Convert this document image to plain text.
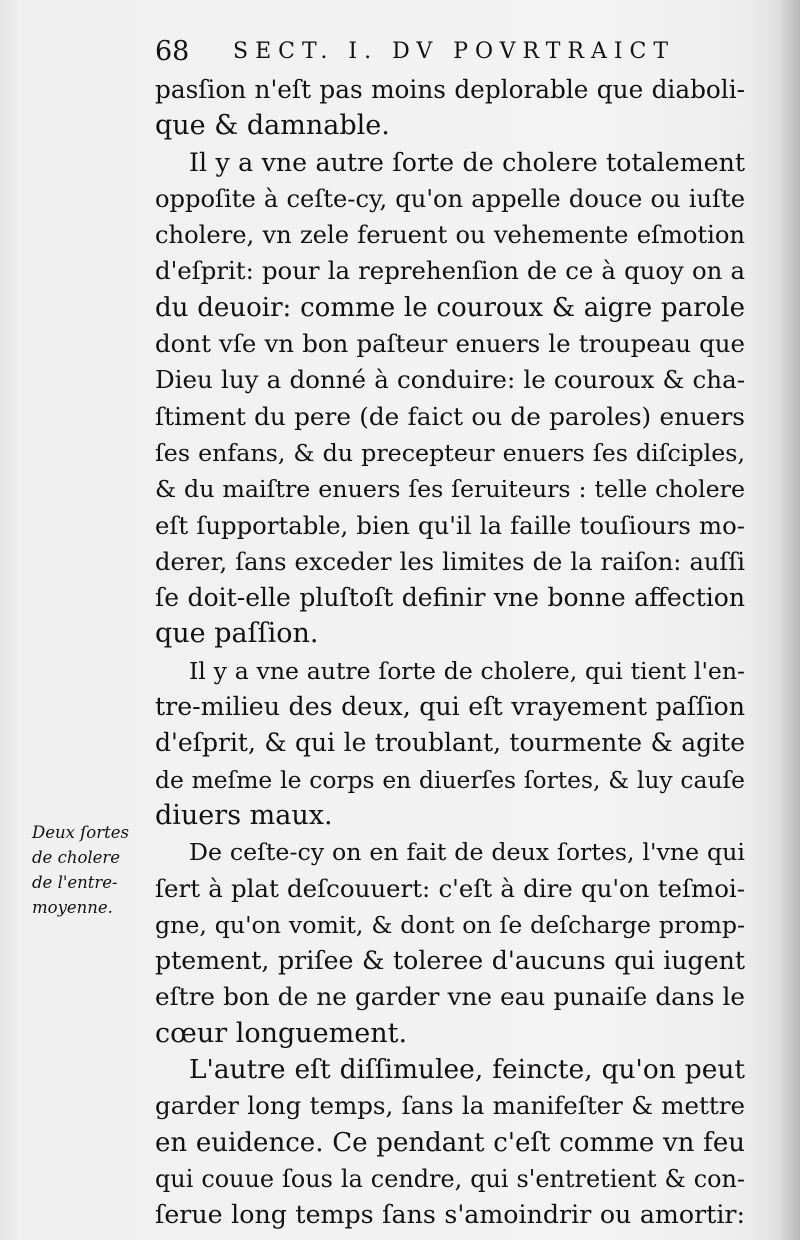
68 SECT. I. DV POVRTRAICT
pasſion n'eſt pas moins deplorable que diaboli-
que & damnable.
Il y a vne autre ſorte de cholere totalement
oppoſite à ceſte-cy, qu'on appelle douce ou iuſte
cholere, vn zele feruent ou vehemente eſmotion
d'eſprit: pour la reprehenſion de ce à quoy on a
du deuoir: comme le couroux & aigre parole
dont vſe vn bon paſteur enuers le troupeau que
Dieu luy a donné à conduire: le couroux & cha-
ſtiment du pere (de faict ou de paroles) enuers
ſes enfans, & du precepteur enuers ſes diſciples,
& du maiſtre enuers ſes ſeruiteurs : telle cholere
eſt ſupportable, bien qu'il la faille touſiours mo-
derer, ſans exceder les limites de la raiſon: auſſi
ſe doit-elle pluſtoſt definir vne bonne affection
que paſſion.
Il y a vne autre ſorte de cholere, qui tient l'en-
tre-milieu des deux, qui eſt vrayement paſſion
d'eſprit, & qui le troublant, tourmente & agite
de meſme le corps en diuerſes ſortes, & luy cauſe
diuers maux.
De ceſte-cy on en fait de deux ſortes, l'vne qui
ſert à plat deſcouuert: c'eſt à dire qu'on teſmoi-
gne, qu'on vomit, & dont on ſe deſcharge promp-
ptement, priſee & toleree d'aucuns qui iugent
eſtre bon de ne garder vne eau punaiſe dans le
cœur longuement.
L'autre eſt diſſimulee, feincte, qu'on peut
garder long temps, ſans la manifeſter & mettre
en euidence. Ce pendant c'eſt comme vn feu
qui couue ſous la cendre, qui s'entretient & con-
ſerue long temps ſans s'amoindrir ou amortir:
Deux ſortes
de cholere
de l'entre-
moyenne.
